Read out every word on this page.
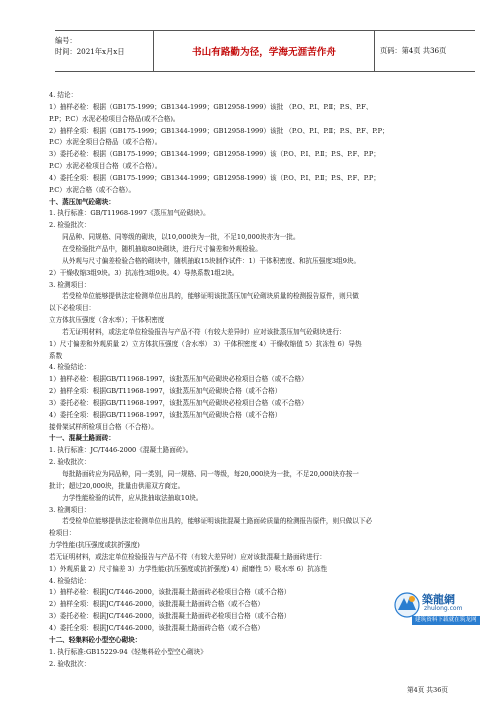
编号：
时间：2021年x月x日	书山有路勤为径，学海无涯苦作舟	页码：第4页 共36页
4. 结论：
1）抽样必检：根据（GB175-1999；GB1344-1999；GB12958-1999）该批 （P.O、P.Ⅰ、P.Ⅱ；P.S、P.F、
P.P；P.C）水泥必检项目合格品(或不合格)。
2）抽样全项：根据（GB175-1999；GB1344-1999；GB12958-1999）该批 （P.O、P.Ⅰ、P.Ⅱ；P.S、P.F、P.P；
P.C）水泥全项目合格品（或不合格）。
3）委托必检：根据（GB175-1999；GB1344-1999；GB12958-1999）该（P.O、P.Ⅰ、P.Ⅱ；P.S、P.F、P.P；
P.C）水泥必检项目合格（或不合格）。
4）委托全项：根据（GB175-1999；GB1344-1999；GB12958-1999）该（P.O、P.Ⅰ、P.Ⅱ；P.S、P.F、P.P；
P.C）水泥合格（或不合格）。
十、蒸压加气砼砌块：
1. 执行标准：GB/T11968-1997《蒸压加气砼砌块》。
2. 检验批次：
　　同品种、同规格、同等级的砌块，以10,000块为一批，不足10,000块亦为一批。
　　在受检验批产品中，随机抽取80块砌块，进行尺寸偏差和外观检验。
　　从外观与尺寸偏差检验合格的砌块中，随机抽取15块制作试件：1）干体积密度、和抗压强度3组9块。
2）干燥收缩3组9块。3）抗冻性3组9块。4）导热系数1组2块。
3. 检测项目：
　　若受检单位能够提供法定检测单位出具的，能够证明该批蒸压加气砼砌块质量的检测报告原件，则只做
以下必检项目：
立方体抗压强度（含水率）；干体积密度
　　若无证明材料，或法定单位检验报告与产品不符（有较大差异时）应对该批蒸压加气砼砌块进行：
1）尺寸偏差和外观质量 2）立方体抗压强度（含水率） 3）干体积密度 4）干燥收缩值 5）抗冻性 6）导热
系数
4. 检验结论：
1）抽样必检：根据GB/T11968-1997，该批蒸压加气砼砌块必检项目合格（或不合格）
2）抽样全项：根据GB/T11968-1997，该批蒸压加气砼砌块合格（或不合格）
3）委托必检：根据GB/T11968-1997，该批蒸压加气砼砌块必检项目合格（或不合格）
4）委托全项：根据GB/T11968-1997，该批蒸压加气砼砌块合格（或不合格）
接骨架试样所检项目合格（不合格）。
十一、混凝土路面砖：
1. 执行标准：JC/T446-2000《混凝土路面砖》。
2. 验收批次：
　　每批路面砖应为同品种，同一类别，同一规格、同一等级，每20,000块为一批，不足20,000块亦按一
批计；超过20,000块，批量由供需双方商定。
　　力学性能检验的试件，应从批抽取法抽取10块。
3. 检测项目：
　　若受检单位能够提供法定检测单位出具的，能够证明该批混凝土路面砖质量的检测报告原件，则只做以下必
检项目：
力学性能(抗压强度或抗折强度)
若无证明材料，或法定单位检验报告与产品不符（有较大差异时）应对该批混凝土路面砖进行：
1）外观质量 2）尺寸偏差 3）力学性能(抗压强度或抗折强度) 4）耐磨性 5）吸水率 6）抗冻性
4. 检验结论：
1）抽样必检：根据JC/T446-2000，该批混凝土路面砖必检项目合格（或不合格）
2）抽样全项：根据JC/T446-2000，该批混凝土路面砖合格（或不合格）
3）委托必检：根据JC/T446-2000，该批混凝土路面砖必检项目合格（或不合格）
4）委托全项：根据JC/T446-2000，该批混凝土路面砖合格（或不合格）
十二、轻集料砼小型空心砌块：
1. 执行标准:GB15229-94《轻集料砼小型空心砌块》
2. 验收批次：
築龍網
zhulong.com
建筑资料下载就在筑龙网
第4页 共36页
